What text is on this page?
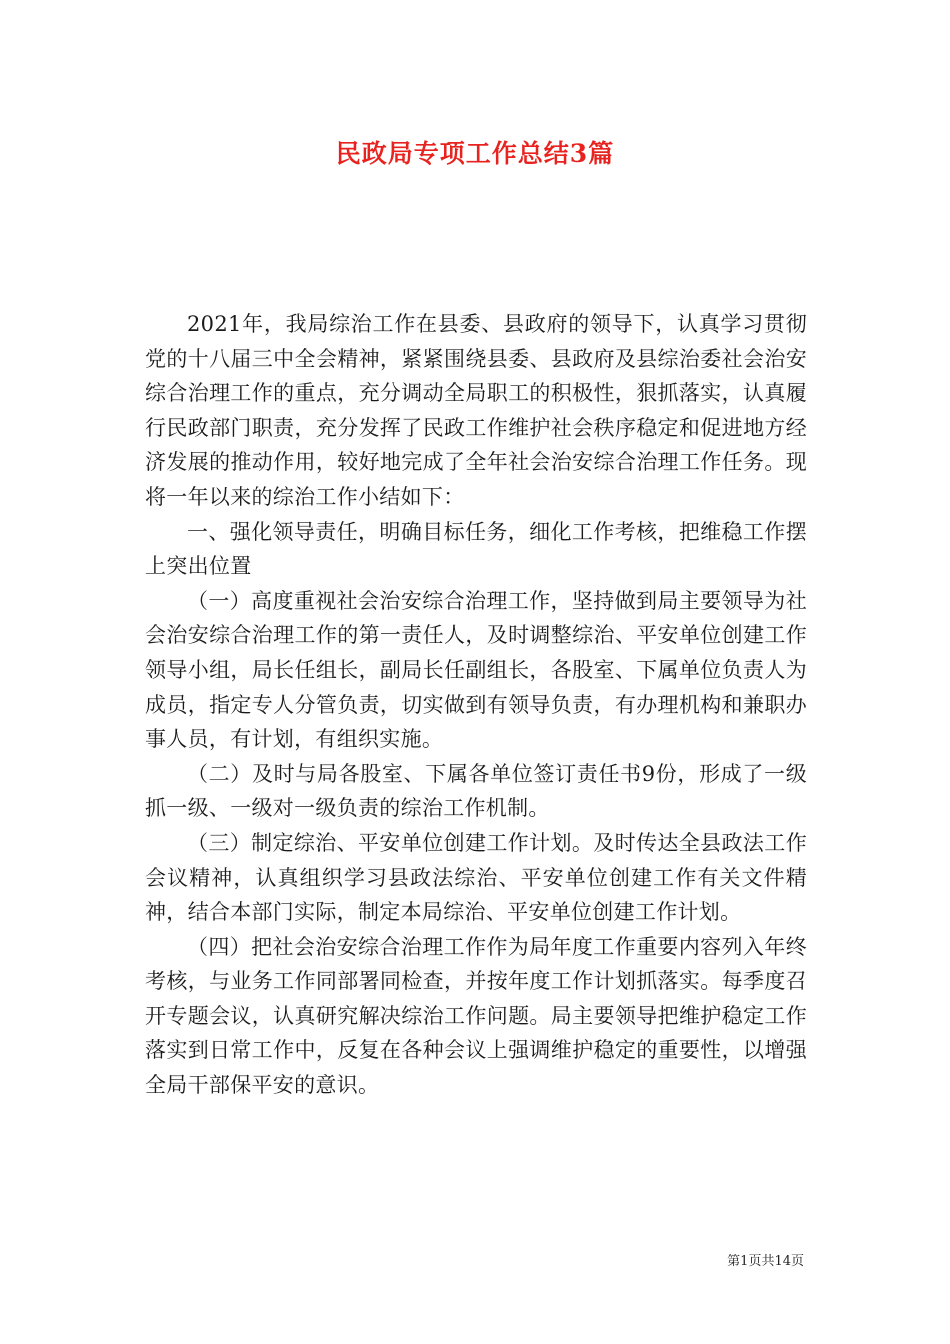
民政局专项工作总结3篇

2021年，我局综治工作在县委、县政府的领导下，认真学习贯彻党的十八届三中全会精神，紧紧围绕县委、县政府及县综治委社会治安综合治理工作的重点，充分调动全局职工的积极性，狠抓落实，认真履行民政部门职责，充分发挥了民政工作维护社会秩序稳定和促进地方经济发展的推动作用，较好地完成了全年社会治安综合治理工作任务。现将一年以来的综治工作小结如下：

一、强化领导责任，明确目标任务，细化工作考核，把维稳工作摆上突出位置

（一）高度重视社会治安综合治理工作，坚持做到局主要领导为社会治安综合治理工作的第一责任人，及时调整综治、平安单位创建工作领导小组，局长任组长，副局长任副组长，各股室、下属单位负责人为成员，指定专人分管负责，切实做到有领导负责，有办理机构和兼职办事人员，有计划，有组织实施。

（二）及时与局各股室、下属各单位签订责任书9份，形成了一级抓一级、一级对一级负责的综治工作机制。

（三）制定综治、平安单位创建工作计划。及时传达全县政法工作会议精神，认真组织学习县政法综治、平安单位创建工作有关文件精神，结合本部门实际，制定本局综治、平安单位创建工作计划。

（四）把社会治安综合治理工作作为局年度工作重要内容列入年终考核，与业务工作同部署同检查，并按年度工作计划抓落实。每季度召开专题会议，认真研究解决综治工作问题。局主要领导把维护稳定工作落实到日常工作中，反复在各种会议上强调维护稳定的重要性，以增强全局干部保平安的意识。

第1页共14页
